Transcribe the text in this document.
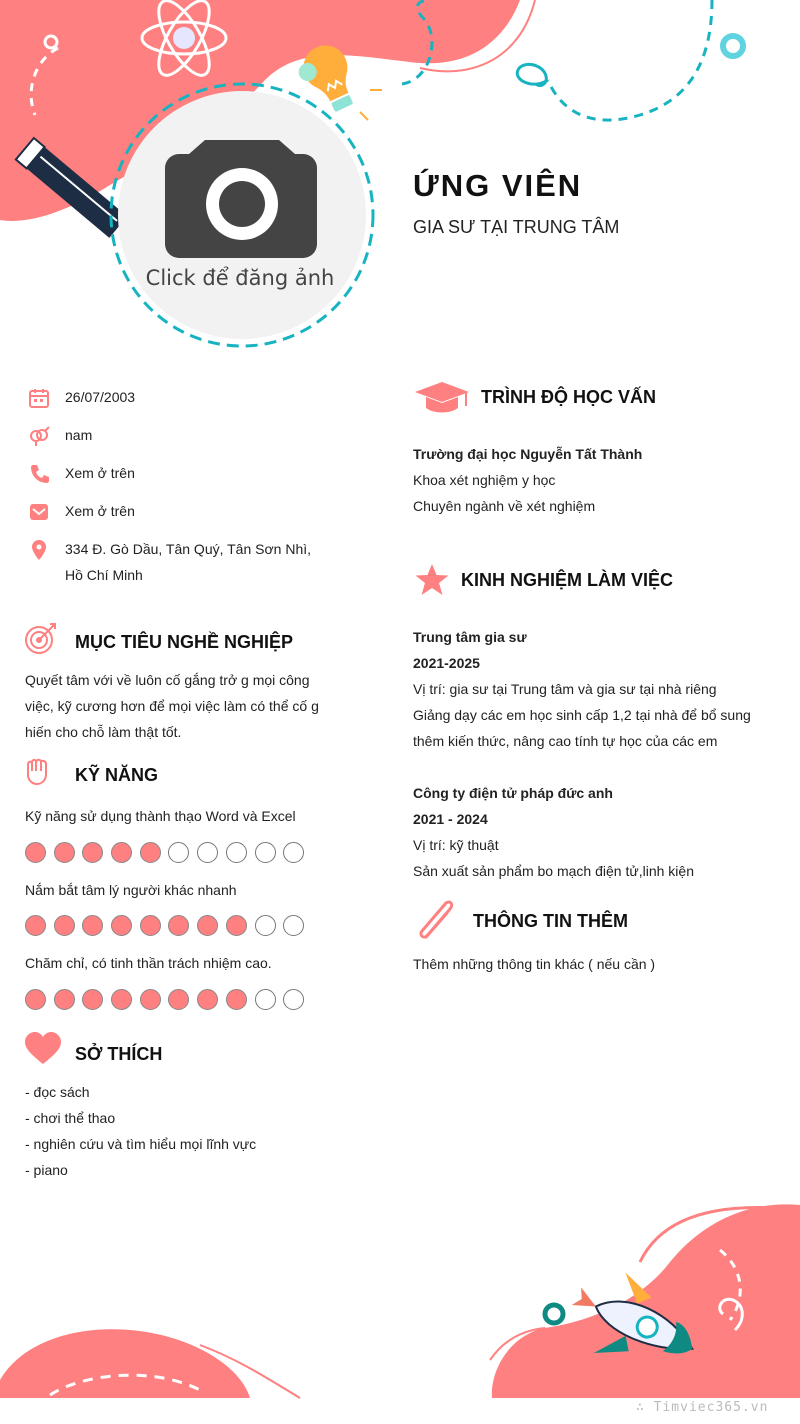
ỨNG VIÊN
GIA SƯ TẠI TRUNG TÂM
Click để đăng ảnh
26/07/2003
nam
Xem ở trên
Xem ở trên
334 Đ. Gò Dầu, Tân Quý, Tân Sơn Nhì, Hồ Chí Minh
MỤC TIÊU NGHỀ NGHIỆP
Quyết tâm với về luôn cố gắng trở g mọi công
việc, kỹ cương hơn để mọi việc làm có thể cố g
hiến cho chỗ làm thật tốt.
KỸ NĂNG
Kỹ năng sử dụng thành thạo Word và Excel
Nắm bắt tâm lý người khác nhanh
Chăm chỉ, có tinh thần trách nhiệm cao.
SỞ THÍCH
- đọc sách
- chơi thể thao
- nghiên cứu và tìm hiểu mọi lĩnh vực
- piano
TRÌNH ĐỘ HỌC VẤN
Trường đại học Nguyễn Tất Thành
Khoa xét nghiệm y học
Chuyên ngành về xét nghiệm
KINH NGHIỆM LÀM VIỆC
Trung tâm gia sư
2021-2025
Vị trí: gia sư tại Trung tâm và gia sư tại nhà riêng
Giảng dạy các em học sinh cấp 1,2 tại nhà để bổ sung
thêm kiến thức, nâng cao tính tự học của các em
Công ty điện tử pháp đức anh
2021 - 2024
Vị trí: kỹ thuật
Sản xuất sản phẩm bo mạch điện tử,linh kiện
THÔNG TIN THÊM
Thêm những thông tin khác ( nếu cần )
∴ Timviec365.vn
